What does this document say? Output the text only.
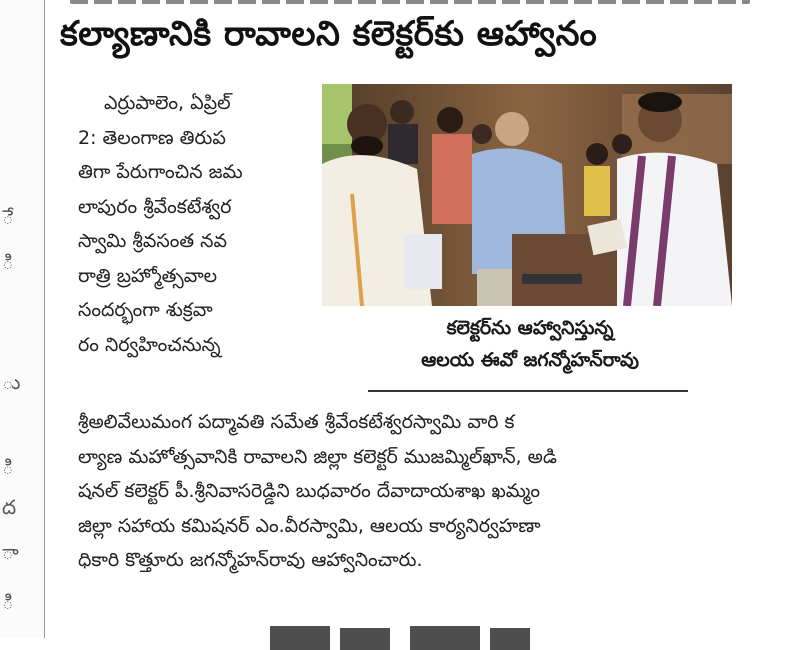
ే
ి
ు
ి
ద
ా
ి
కల్యాణానికి రావాలని కలెక్టర్‌కు ఆహ్వానం
ఎర్రుపాలెం, ఏప్రిల్
2: తెలంగాణ తిరుప
తిగా పేరుగాంచిన జమ
లాపురం శ్రీవేంకటేశ్వర
స్వామి శ్రీవసంత నవ
రాత్రి బ్రహ్మోత్సవాల
సందర్భంగా శుక్రవా
రం నిర్వహించనున్న
కలెక్టర్‌ను ఆహ్వానిస్తున్న
ఆలయ ఈవో జగన్మోహన్‌రావు
శ్రీఅలివేలుమంగ పద్మావతి సమేత శ్రీవేంకటేశ్వరస్వామి వారి క
ల్యాణ మహోత్సవానికి రావాలని జిల్లా కలెక్టర్ ముజమ్మిల్‌ఖాన్, అడి
షనల్ కలెక్టర్ పీ.శ్రీనివాసరెడ్డిని బుధవారం దేవాదాయశాఖ ఖమ్మం
జిల్లా సహాయ కమిషనర్ ఎం.వీరస్వామి, ఆలయ కార్యనిర్వహణా
ధికారి కొత్తూరు జగన్మోహన్‌రావు ఆహ్వానించారు.
